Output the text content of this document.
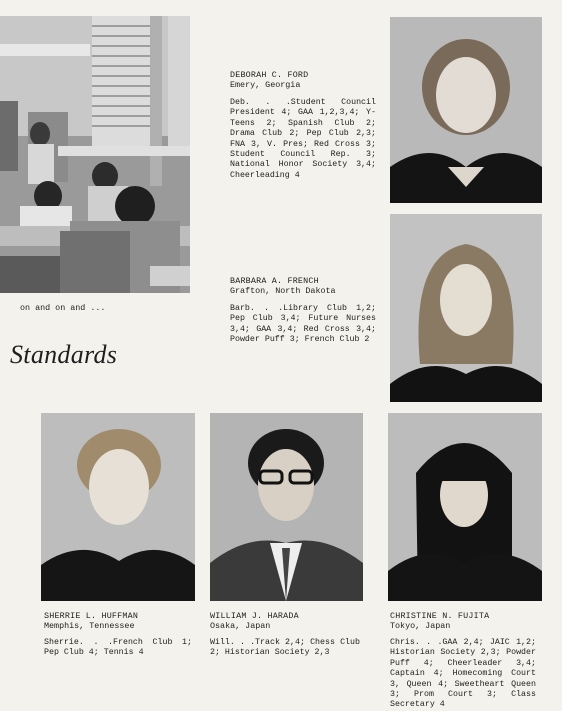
on and on and ...
Standards
DEBORAH C. FORD
Emery, Georgia
Deb. . .Student Council President 4; GAA 1,2,3,4; Y-Teens 2; Spanish Club 2; Drama Club 2; Pep Club 2,3; FNA 3, V. Pres; Red Cross 3; Student Council Rep. 3; National Honor Society 3,4; Cheerleading 4
BARBARA A. FRENCH
Grafton, North Dakota
Barb. . .Library Club 1,2; Pep Club 3,4; Future Nurses 3,4; GAA 3,4; Red Cross 3,4; Powder Puff 3; French Club 2
SHERRIE L. HUFFMAN
Memphis, Tennessee
Sherrie. . .French Club 1; Pep Club 4; Tennis 4
WILLIAM J. HARADA
Osaka, Japan
Will. . .Track 2,4; Chess Club 2; Historian Society 2,3
CHRISTINE N. FUJITA
Tokyo, Japan
Chris. . .GAA 2,4; JAIC 1,2; Historian Society 2,3; Powder Puff 4; Cheerleader 3,4; Captain 4; Homecoming Court 3, Queen 4; Sweetheart Queen 3; Prom Court 3; Class Secretary 4
